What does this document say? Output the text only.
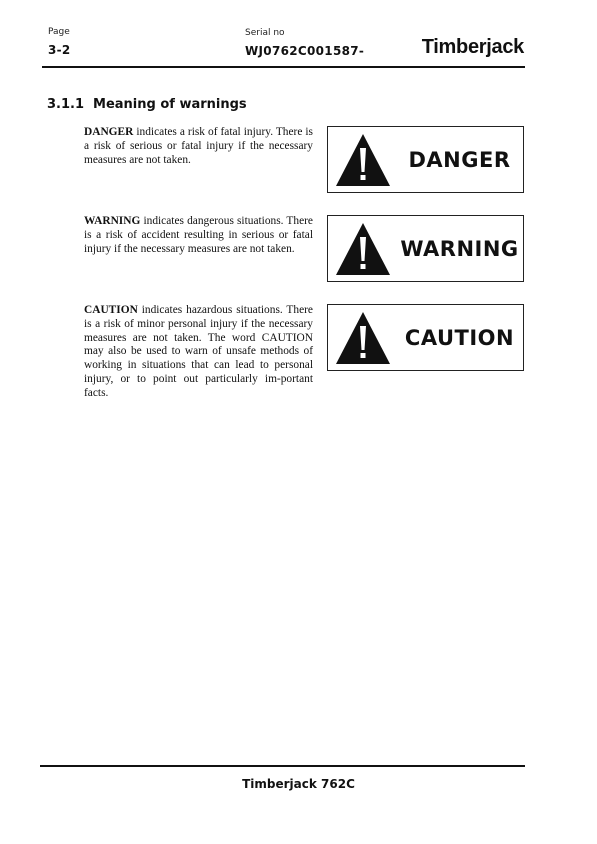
Page
3-2
Serial no
WJ0762C001587-	Timberjack
3.1.1 Meaning of warnings
DANGER indicates a risk of fatal injury. There is a risk of serious or fatal injury if the necessary measures are not taken.	DANGER
WARNING indicates dangerous situations. There is a risk of accident resulting in serious or fatal injury if the necessary measures are not taken.	WARNING
CAUTION indicates hazardous situations. There is a risk of minor personal injury if the necessary measures are not taken. The word CAUTION may also be used to warn of unsafe methods of working in situations that can lead to personal injury, or to point out particularly im-portant facts.
CAUTION
Timberjack 762C
